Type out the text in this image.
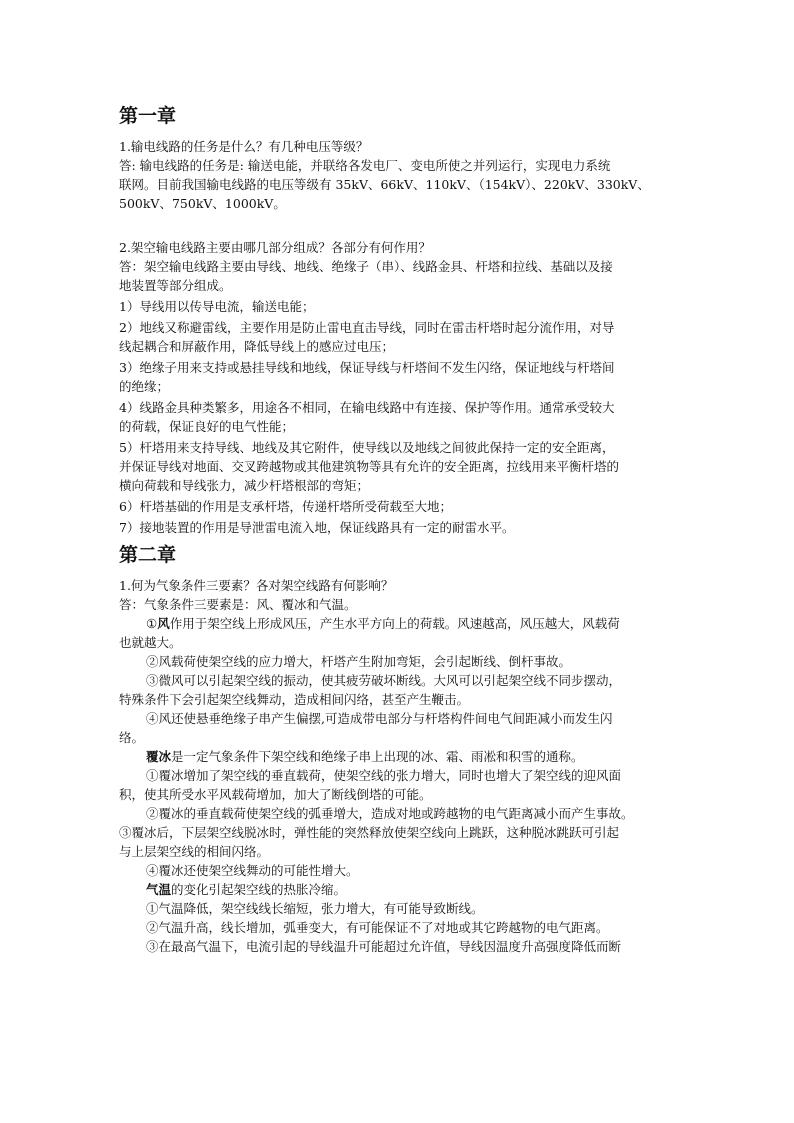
第一章

1.输电线路的任务是什么？有几种电压等级？

答: 输电线路的任务是: 输送电能，并联络各发电厂、变电所使之并列运行，实现电力系统

联网。目前我国输电线路的电压等级有 35kV、66kV、110kV、（154kV）、220kV、330kV、

500kV、750kV、1000kV。

2.架空输电线路主要由哪几部分组成？各部分有何作用？

答：架空输电线路主要由导线、地线、绝缘子（串）、线路金具、杆塔和拉线、基础以及接

地装置等部分组成。

1）导线用以传导电流，输送电能；

2）地线又称避雷线，主要作用是防止雷电直击导线，同时在雷击杆塔时起分流作用，对导

线起耦合和屏蔽作用，降低导线上的感应过电压；

3）绝缘子用来支持或悬挂导线和地线，保证导线与杆塔间不发生闪络，保证地线与杆塔间

的绝缘；

4）线路金具种类繁多，用途各不相同，在输电线路中有连接、保护等作用。通常承受较大

的荷载，保证良好的电气性能；

5）杆塔用来支持导线、地线及其它附件，使导线以及地线之间彼此保持一定的安全距离，

并保证导线对地面、交叉跨越物或其他建筑物等具有允许的安全距离，拉线用来平衡杆塔的

横向荷载和导线张力，减少杆塔根部的弯矩；

6）杆塔基础的作用是支承杆塔，传递杆塔所受荷载至大地；

7）接地装置的作用是导泄雷电流入地，保证线路具有一定的耐雷水平。

第二章

1.何为气象条件三要素？各对架空线路有何影响？

答：气象条件三要素是：风、覆冰和气温。

①风作用于架空线上形成风压，产生水平方向上的荷载。风速越高，风压越大，风载荷

也就越大。

②风载荷使架空线的应力增大，杆塔产生附加弯矩，会引起断线、倒杆事故。

③微风可以引起架空线的振动，使其疲劳破坏断线。大风可以引起架空线不同步摆动，

特殊条件下会引起架空线舞动，造成相间闪络，甚至产生鞭击。

④风还使悬垂绝缘子串产生偏摆,可造成带电部分与杆塔构件间电气间距减小而发生闪

络。

覆冰是一定气象条件下架空线和绝缘子串上出现的冰、霜、雨凇和积雪的通称。

①覆冰增加了架空线的垂直载荷，使架空线的张力增大，同时也增大了架空线的迎风面

积，使其所受水平风载荷增加，加大了断线倒塔的可能。

②覆冰的垂直载荷使架空线的弧垂增大，造成对地或跨越物的电气距离减小而产生事故。

③覆冰后，下层架空线脱冰时，弹性能的突然释放使架空线向上跳跃，这种脱冰跳跃可引起

与上层架空线的相间闪络。

④覆冰还使架空线舞动的可能性增大。

气温的变化引起架空线的热胀冷缩。

①气温降低，架空线线长缩短，张力增大，有可能导致断线。

②气温升高，线长增加，弧垂变大，有可能保证不了对地或其它跨越物的电气距离。

③在最高气温下，电流引起的导线温升可能超过允许值，导线因温度升高强度降低而断
